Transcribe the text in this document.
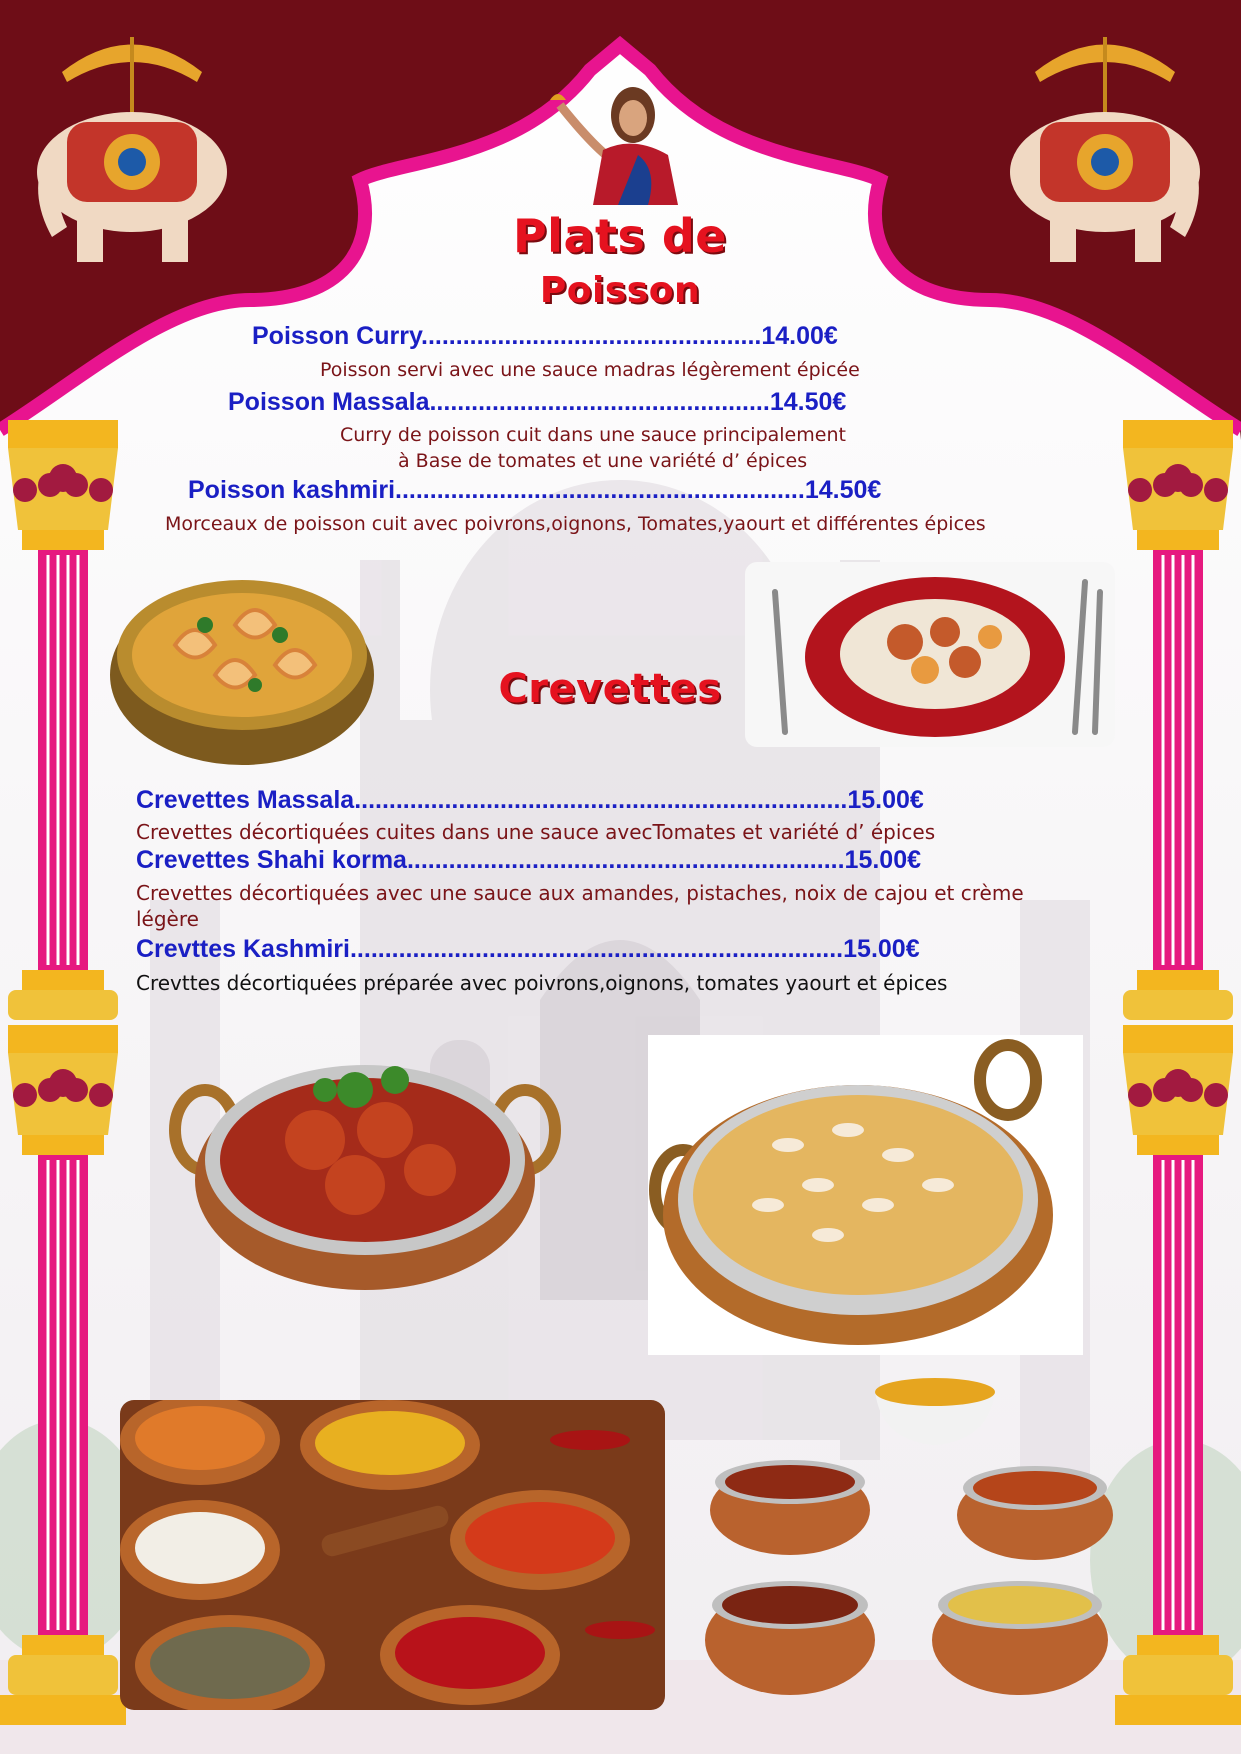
Plats de
Poisson
Poisson Curry.................................................14.00€
Poisson servi avec une sauce madras légèrement épicée
Poisson Massala.................................................14.50€
Curry de poisson cuit dans une sauce principalement
à Base de tomates et une variété d’ épices
Poisson kashmiri...........................................................14.50€
Morceaux de poisson cuit avec poivrons,oignons, Tomates,yaourt et différentes épices
Crevettes
Crevettes Massala.......................................................................15.00€
Crevettes décortiquées cuites dans une sauce avecTomates et variété d’ épices
Crevettes Shahi korma...............................................................15.00€
Crevettes décortiquées avec une sauce aux amandes, pistaches, noix de cajou et crème
légère
Crevttes Kashmiri.......................................................................15.00€
Crevttes décortiquées préparée avec poivrons,oignons, tomates yaourt et épices
